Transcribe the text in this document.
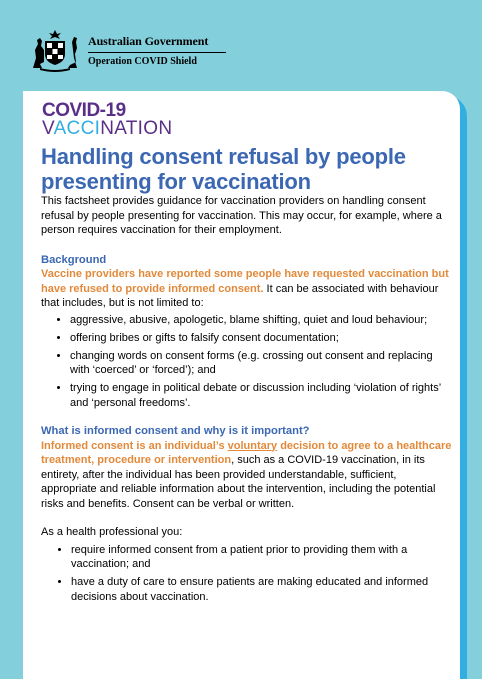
Australian Government
Operation COVID Shield
COVID-19
VACCINATION
Handling consent refusal by people presenting for vaccination

This factsheet provides guidance for vaccination providers on handling consent refusal by people presenting for vaccination. This may occur, for example, where a person requires vaccination for their employment.

Background

Vaccine providers have reported some people have requested vaccination but have refused to provide informed consent. It can be associated with behaviour that includes, but is not limited to:

• aggressive, abusive, apologetic, blame shifting, quiet and loud behaviour;
• offering bribes or gifts to falsify consent documentation;
• changing words on consent forms (e.g. crossing out consent and replacing with ‘coerced’ or ‘forced’); and
• trying to engage in political debate or discussion including ‘violation of rights’ and ‘personal freedoms’.

What is informed consent and why is it important?

Informed consent is an individual’s voluntary decision to agree to a healthcare treatment, procedure or intervention, such as a COVID-19 vaccination, in its entirety, after the individual has been provided understandable, sufficient, appropriate and reliable information about the intervention, including the potential risks and benefits. Consent can be verbal or written.

As a health professional you:

• require informed consent from a patient prior to providing them with a vaccination; and
• have a duty of care to ensure patients are making educated and informed decisions about vaccination.
